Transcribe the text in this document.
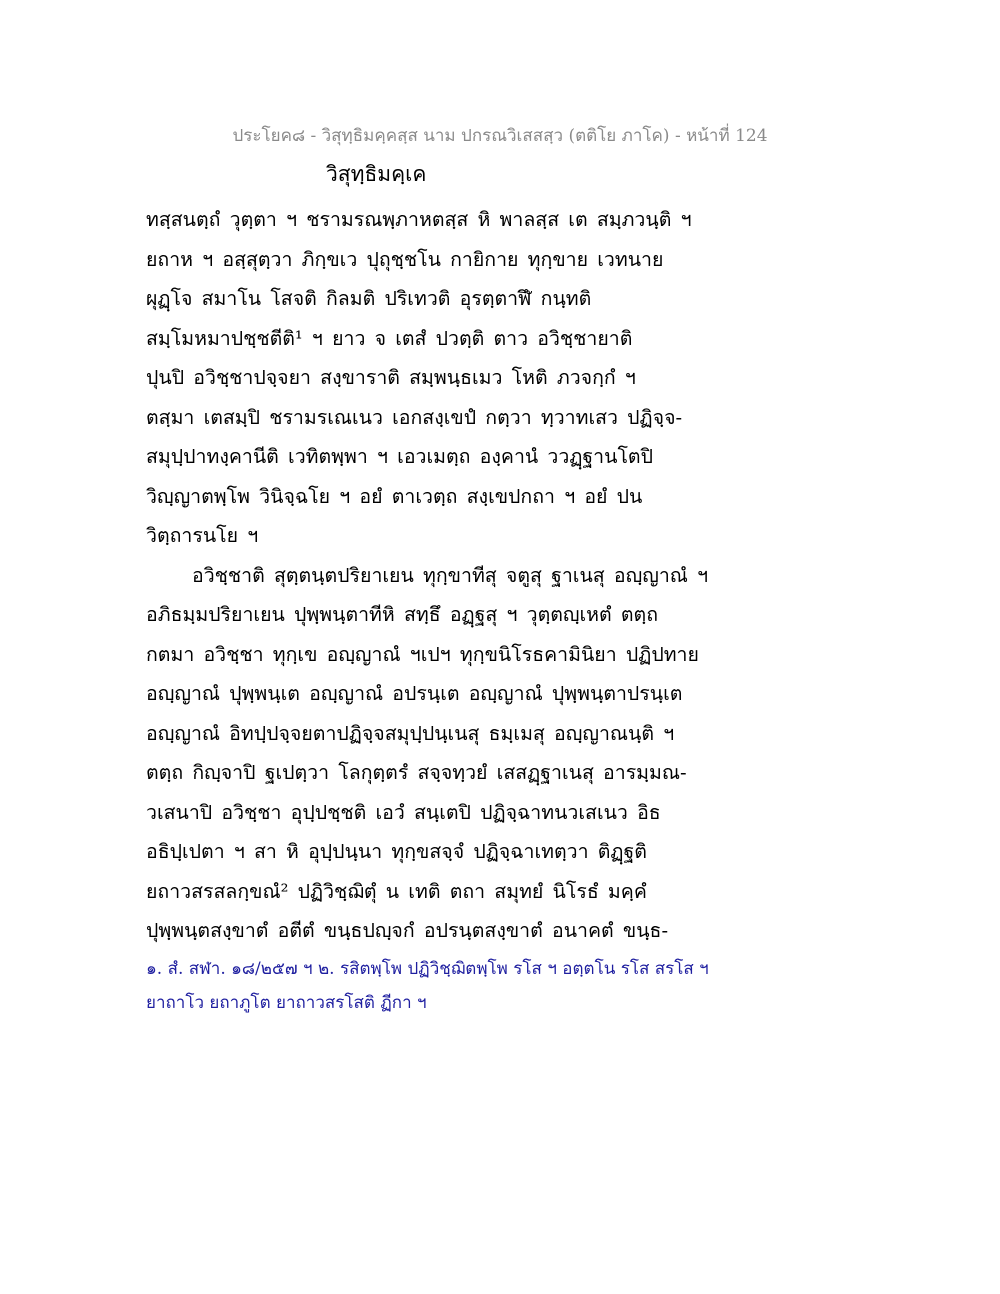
ประโยค๘ - วิสุทฺธิมคฺคสฺส นาม ปกรณวิเสสสฺว (ตติโย ภาโค) - หน้าที่ 124
วิสุทฺธิมคฺเค
ทสฺสนตฺถํ วุตฺตา ฯ ชรามรณพฺภาหตสฺส หิ พาลสฺส เต สมฺภวนฺติ ฯ
ยถาห ฯ อสฺสุตฺวา ภิกฺขเว ปุถุชฺชโน กายิกาย ทุกฺขาย เวทนาย
ผุฏฺโจ สมาโน โสจติ กิลมติ ปริเทวติ อุรตฺตาฬึ กนฺทติ
สมฺโมหมาปชฺชตีติ¹ ฯ ยาว จ เตสํ ปวตฺติ ตาว อวิชฺชายาติ
ปุนปิ อวิชฺชาปจฺจยา สงฺขาราติ สมฺพนฺธเมว โหติ ภวจกฺกํ ฯ
ตสฺมา เตสมฺปิ ชรามรเณเนว เอกสงฺเขปํ กตฺวา ทฺวาทเสว ปฏิจฺจ-
สมุปฺปาทงฺคานีติ เวทิตพฺพา ฯ เอวเมตฺถ องฺคานํ ววฏฺฐานโตปิ
วิญฺญาตพฺโพ วินิจฺฉโย ฯ อยํ ตาเวตฺถ สงฺเขปกถา ฯ อยํ ปน
วิตฺถารนโย ฯ
อวิชฺชาติ สุตฺตนฺตปริยาเยน ทุกฺขาทีสุ จตูสุ ฐาเนสุ อญฺญาณํ ฯ
อภิธมฺมปริยาเยน ปุพฺพนฺตาทีหิ สทฺธึ อฏฺฐสุ ฯ วุตฺตญฺเหตํ ตตฺถ
กตมา อวิชฺชา ทุกฺเข อญฺญาณํ ฯเปฯ ทุกฺขนิโรธคามินิยา ปฏิปทาย
อญฺญาณํ ปุพฺพนฺเต อญฺญาณํ อปรนฺเต อญฺญาณํ ปุพฺพนฺตาปรนฺเต
อญฺญาณํ อิทปฺปจฺจยตาปฏิจฺจสมุปฺปนฺเนสุ ธมฺเมสุ อญฺญาณนฺติ ฯ
ตตฺถ กิญฺจาปิ ฐเปตฺวา โลกุตฺตรํ สจฺจทฺวยํ เสสฏฺฐาเนสุ อารมฺมณ-
วเสนาปิ อวิชฺชา อุปฺปชฺชติ เอวํ สนฺเตปิ ปฏิจฺฉาทนวเสเนว อิธ
อธิปฺเปตา ฯ สา หิ อุปฺปนฺนา ทุกฺขสจฺจํ ปฏิจฺฉาเทตฺวา ติฏฺฐติ
ยถาวสรสลกฺขณํ² ปฏิวิชฺฌิตุํ น เทติ ตถา สมุทยํ นิโรธํ มคฺคํ
ปุพฺพนฺตสงฺขาตํ อตีตํ ขนฺธปญฺจกํ อปรนฺตสงฺขาตํ อนาคตํ ขนฺธ-
๑. สํ. สฬา. ๑๘/๒๕๗ ฯ ๒. รสิตพฺโพ ปฏิวิชฺฌิตพฺโพ รโส ฯ อตฺตโน รโส สรโส ฯ
ยาถาโว ยถาภูโต ยาถาวสรโสติ ฏีกา ฯ
